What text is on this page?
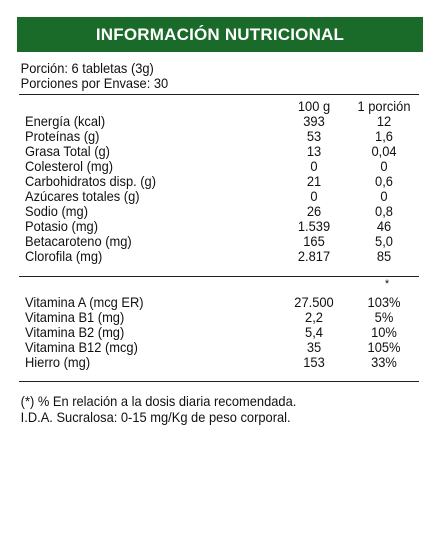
INFORMACIÓN NUTRICIONAL
Porción: 6 tabletas (3g)
Porciones por Envase: 30
100 g	1 porción
Energía (kcal)	393	12
Proteínas (g)	53	1,6
Grasa Total (g)	13	0,04
Colesterol (mg)	0	0
Carbohidratos disp. (g)	21	0,6
Azúcares totales (g)	0	0
Sodio (mg)	26	0,8
Potasio (mg)	1.539	46
Betacaroteno (mg)	165	5,0
Clorofila (mg)	2.817	85
*
Vitamina A (mcg ER)	27.500	103%
Vitamina B1 (mg)	2,2	5%
Vitamina B2 (mg)	5,4	10%
Vitamina B12 (mcg)	35	105%
Hierro (mg)	153	33%
(*) % En relación a la dosis diaria recomendada.
I.D.A. Sucralosa: 0-15 mg/Kg de peso corporal.
